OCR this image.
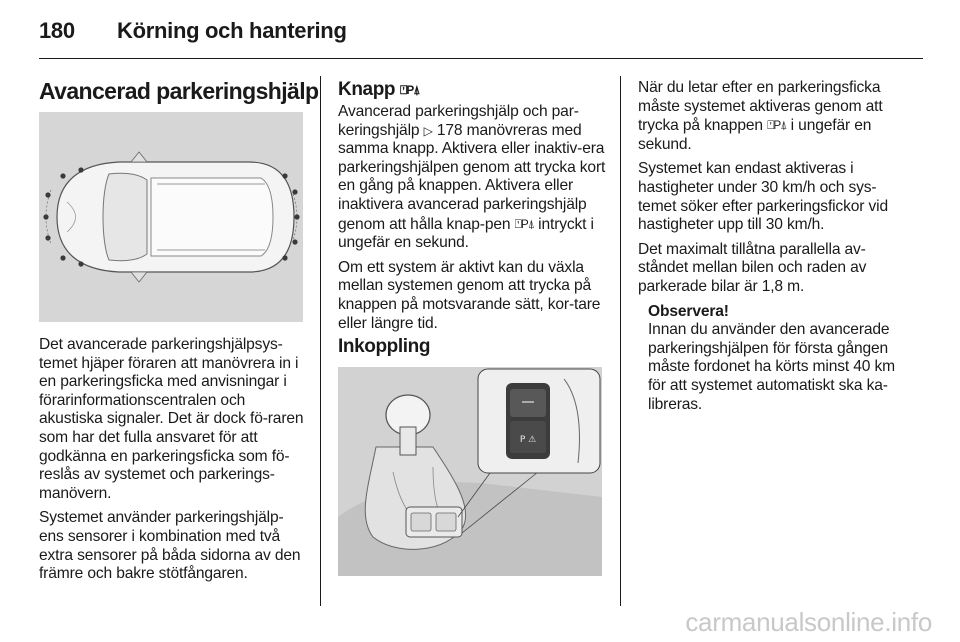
180 Körning och hantering
Avancerad parkeringshjälp

Det avancerade parkeringshjälpsys-temet hjäper föraren att manövrera in i en parkeringsficka med anvisningar i förarinformationscentralen och akustiska signaler. Det är dock fö-raren som har det fulla ansvaret för att godkänna en parkeringsficka som fö-reslås av systemet och parkerings-manövern.

Systemet använder parkeringshjälp-ens sensorer i kombination med två extra sensorer på båda sidorna av den främre och bakre stötfångaren.

Knapp ⍞P⍋

Avancerad parkeringshjälp och par-keringshjälp ▷ 178 manövreras med samma knapp. Aktivera eller inaktiv-era parkeringshjälpen genom att trycka kort en gång på knappen. Aktivera eller inaktivera avancerad parkeringshjälp genom att hålla knap-pen ⍞P⍋ intryckt i ungefär en sekund.

Om ett system är aktivt kan du växla mellan systemen genom att trycka på knappen på motsvarande sätt, kor-tare eller längre tid.

Inkoppling
P ⚠

När du letar efter en parkeringsficka måste systemet aktiveras genom att trycka på knappen ⍞P⍋ i ungefär en sekund.

Systemet kan endast aktiveras i hastigheter under 30 km/h och sys-temet söker efter parkeringsfickor vid hastigheter upp till 30 km/h.

Det maximalt tillåtna parallella av-ståndet mellan bilen och raden av parkerade bilar är 1,8 m.

Observera!
Innan du använder den avancerade parkeringshjälpen för första gången måste fordonet ha körts minst 40 km för att systemet automatiskt ska ka-libreras.
carmanualsonline.info
